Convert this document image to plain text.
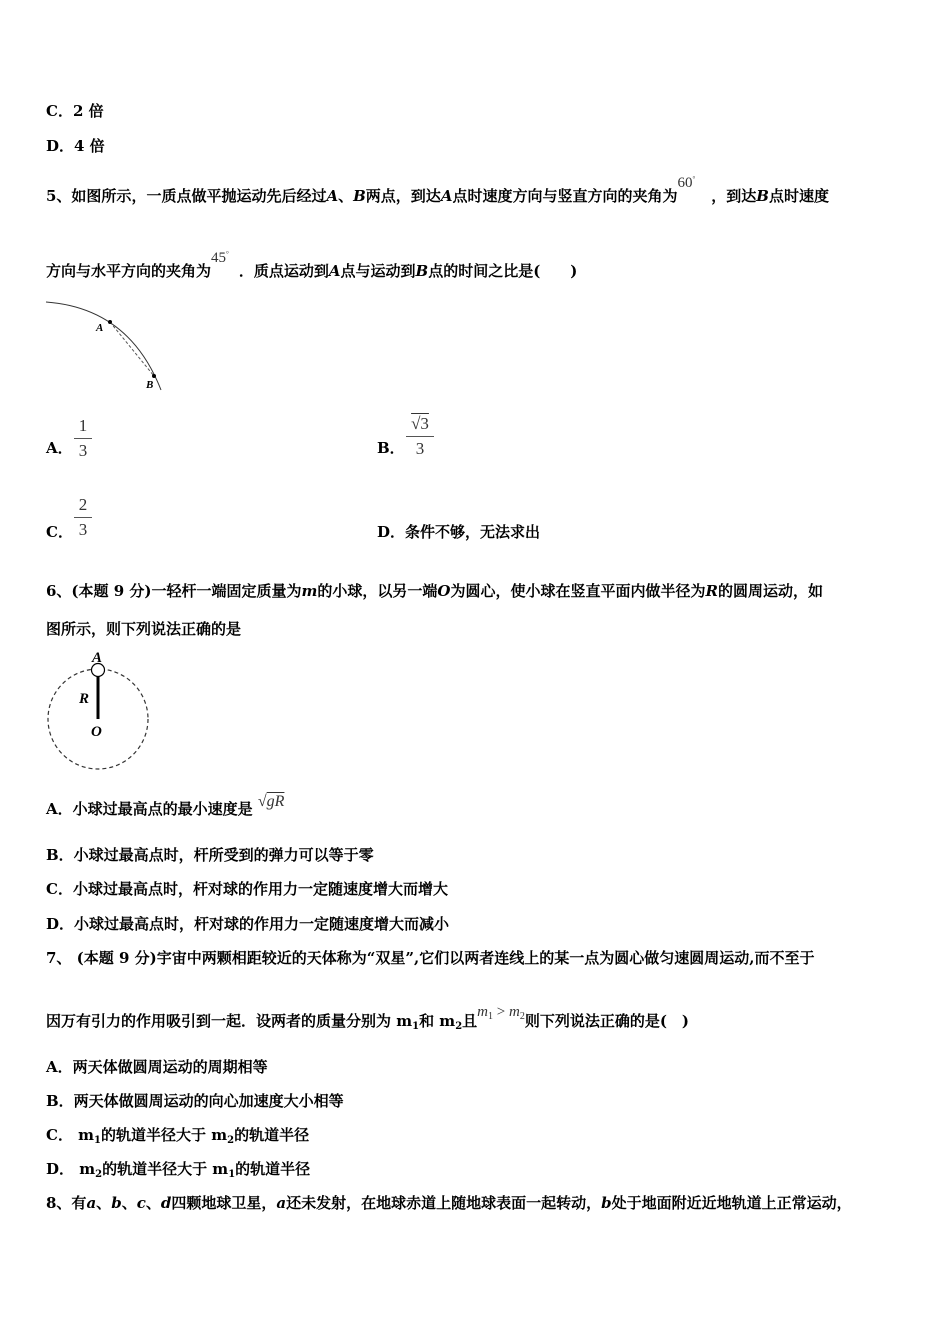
C．2 倍
D．4 倍
5、如图所示，一质点做平抛运动先后经过A、B两点，到达A点时速度方向与竖直方向的夹角为60°，到达B点时速度
方向与水平方向的夹角为45°．质点运动到A点与运动到B点的时间之比是(　　)
A
B
A．
1
3	B．
√3
3
C．
2
3	D．条件不够，无法求出
6、(本题 9 分)一轻杆一端固定质量为m的小球，以另一端O为圆心，使小球在竖直平面内做半径为R的圆周运动，如
图所示，则下列说法正确的是
A
R
O
A．小球过最高点的最小速度是 √gR
B．小球过最高点时，杆所受到的弹力可以等于零
C．小球过最高点时，杆对球的作用力一定随速度增大而增大
D．小球过最高点时，杆对球的作用力一定随速度增大而减小
7、 (本题 9 分)宇宙中两颗相距较近的天体称为“双星”,它们以两者连线上的某一点为圆心做匀速圆周运动,而不至于
因万有引力的作用吸引到一起．设两者的质量分别为 $m_1$和 $m_2$且$m_1 > m_2$则下列说法正确的是(　)
A．两天体做圆周运动的周期相等
B．两天体做圆周运动的向心加速度大小相等
C． $m_1$的轨道半径大于 $m_2$的轨道半径
D． $m_2$的轨道半径大于 $m_1$的轨道半径
8、有a、b、c、d四颗地球卫星，a还未发射，在地球赤道上随地球表面一起转动，b处于地面附近近地轨道上正常运动，
